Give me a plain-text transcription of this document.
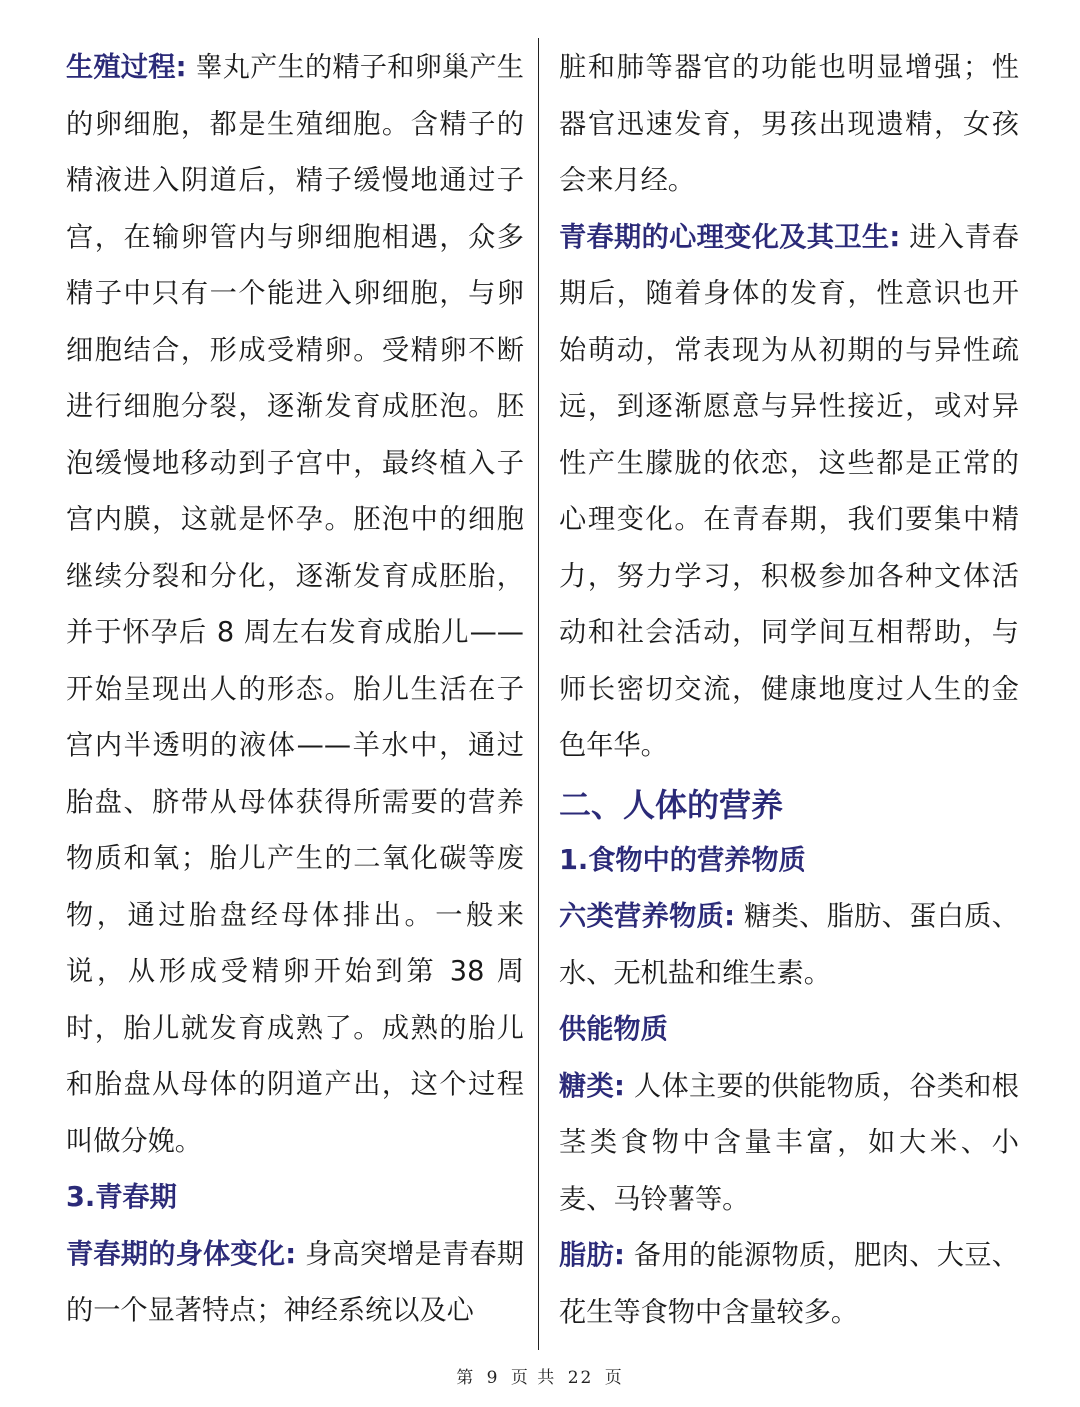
生殖过程: 睾丸产生的精子和卵巢产生的卵细胞，都是生殖细胞。含精子的精液进入阴道后，精子缓慢地通过子宫，在输卵管内与卵细胞相遇，众多精子中只有一个能进入卵细胞，与卵细胞结合，形成受精卵。受精卵不断进行细胞分裂，逐渐发育成胚泡。胚泡缓慢地移动到子宫中，最终植入子宫内膜，这就是怀孕。胚泡中的细胞继续分裂和分化，逐渐发育成胚胎，并于怀孕后 8 周左右发育成胎儿——开始呈现出人的形态。胎儿生活在子宫内半透明的液体——羊水中，通过胎盘、脐带从母体获得所需要的营养物质和氧；胎儿产生的二氧化碳等废物，通过胎盘经母体排出。一般来说，从形成受精卵开始到第 38 周时，胎儿就发育成熟了。成熟的胎儿和胎盘从母体的阴道产出，这个过程叫做分娩。

3.青春期

青春期的身体变化: 身高突增是青春期的一个显著特点；神经系统以及心

脏和肺等器官的功能也明显增强；性器官迅速发育，男孩出现遗精，女孩会来月经。

青春期的心理变化及其卫生: 进入青春期后，随着身体的发育，性意识也开始萌动，常表现为从初期的与异性疏远，到逐渐愿意与异性接近，或对异性产生朦胧的依恋，这些都是正常的心理变化。在青春期，我们要集中精力，努力学习，积极参加各种文体活动和社会活动，同学间互相帮助，与师长密切交流，健康地度过人生的金色年华。

二、人体的营养

1.食物中的营养物质

六类营养物质: 糖类、脂肪、蛋白质、水、无机盐和维生素。

供能物质

糖类: 人体主要的供能物质，谷类和根茎类食物中含量丰富，如大米、小麦、马铃薯等。

脂肪: 备用的能源物质，肥肉、大豆、花生等食物中含量较多。

第 9 页 共 22 页
